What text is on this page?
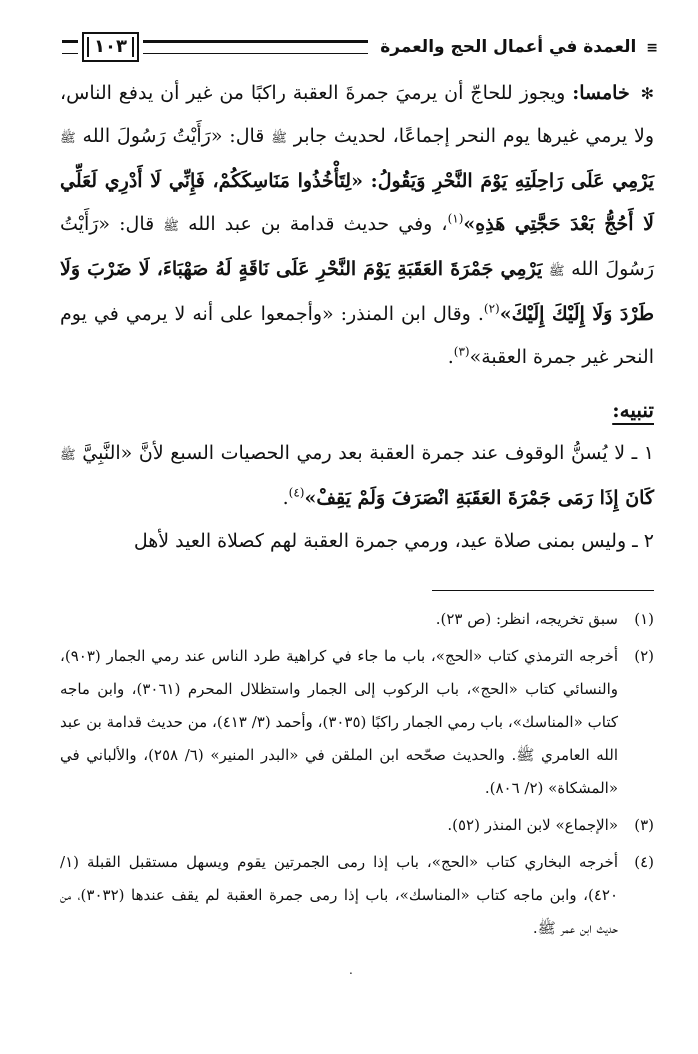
≡ العمدة في أعمال الحج والعمرة
١٠٣

✻ خامسا: ويجوز للحاجّ أن يرميَ جمرةَ العقبة راكبًا من غير أن يدفع الناس، ولا يرمي غيرها يوم النحر إجماعًا، لحديث جابر ﷺ قال: «رَأَيْتُ رَسُولَ الله ﷺ يَرْمِي عَلَى رَاحِلَتِهِ يَوْمَ النَّحْرِ وَيَقُولُ: «لِتَأْخُذُوا مَنَاسِكَكُمْ، فَإِنِّي لَا أَدْرِي لَعَلِّي لَا أَحُجُّ بَعْدَ حَجَّتِي هَذِهِ»$^{(١)}$، وفي حديث قدامة بن عبد الله ﷺ قال: «رَأَيْتُ رَسُولَ الله ﷺ يَرْمِي جَمْرَةَ العَقَبَةِ يَوْمَ النَّحْرِ عَلَى نَاقَةٍ لَهُ صَهْبَاءَ، لَا ضَرْبَ وَلَا طَرْدَ وَلَا إِلَيْكَ إِلَيْكَ»$^{(٢)}$. وقال ابن المنذر: «وأجمعوا على أنه لا يرمي في يوم النحر غير جمرة العقبة»$^{(٣)}$.

تنبيه:

١ ـ لا يُسنُّ الوقوف عند جمرة العقبة بعد رمي الحصيات السبع لأنَّ «النَّبِيَّ ﷺ كَانَ إِذَا رَمَى جَمْرَةَ العَقَبَةِ انْصَرَفَ وَلَمْ يَقِفْ»$^{(٤)}$.

٢ ـ وليس بمنى صلاة عيد، ورمي جمرة العقبة لهم كصلاة العيد لأهل

(١)
سبق تخريجه، انظر: (ص ٢٣).
(٢)
أخرجه الترمذي كتاب «الحج»، باب ما جاء في كراهية طرد الناس عند رمي الجمار (٩٠٣)، والنسائي كتاب «الحج»، باب الركوب إلى الجمار واستظلال المحرم (٣٠٦١)، وابن ماجه كتاب «المناسك»، باب رمي الجمار راكبًا (٣٠٣٥)، وأحمد (٣/ ٤١٣)، من حديث قدامة بن عبد الله العامري ﷺ. والحديث صحّحه ابن الملقن في «البدر المنير» (٦/ ٢٥٨)، والألباني في «المشكاة» (٢/ ٨٠٦).
(٣)
«الإجماع» لابن المنذر (٥٢).
(٤)
أخرجه البخاري كتاب «الحج»، باب إذا رمى الجمرتين يقوم ويسهل مستقبل القبلة (١/ ٤٢٠)، وابن ماجه كتاب «المناسك»، باب إذا رمى جمرة العقبة لم يقف عندها (٣٠٣٢)، من حديث ابن عمر ﷺ.
.
